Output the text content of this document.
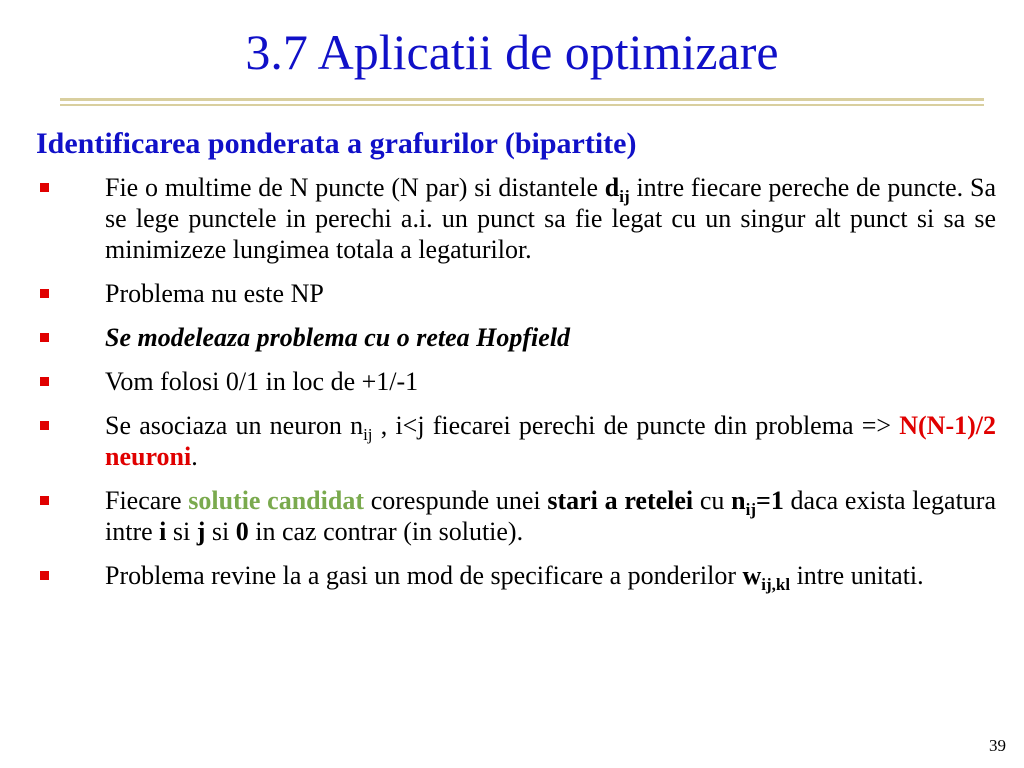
3.7 Aplicatii de optimizare
Identificarea ponderata a grafurilor (bipartite)
Fie o multime de N puncte (N par) si distantele $d_{ij}$ intre fiecare pereche de puncte. Sa se lege punctele in perechi a.i. un punct sa fie legat cu un singur alt punct si sa se minimizeze lungimea totala a legaturilor.
Problema nu este NP
Se modeleaza problema cu o retea Hopfield
Vom folosi 0/1 in loc de +1/-1
Se asociaza un neuron $n_{ij}$ , i<j fiecarei perechi de puncte din problema => N(N-1)/2 neuroni.
Fiecare solutie candidat corespunde unei stari a retelei cu $n_{ij}=1$ daca exista legatura intre i si j si 0 in caz contrar (in solutie).
Problema revine la a gasi un mod de specificare a ponderilor $w_{ij,kl}$ intre unitati.
39
